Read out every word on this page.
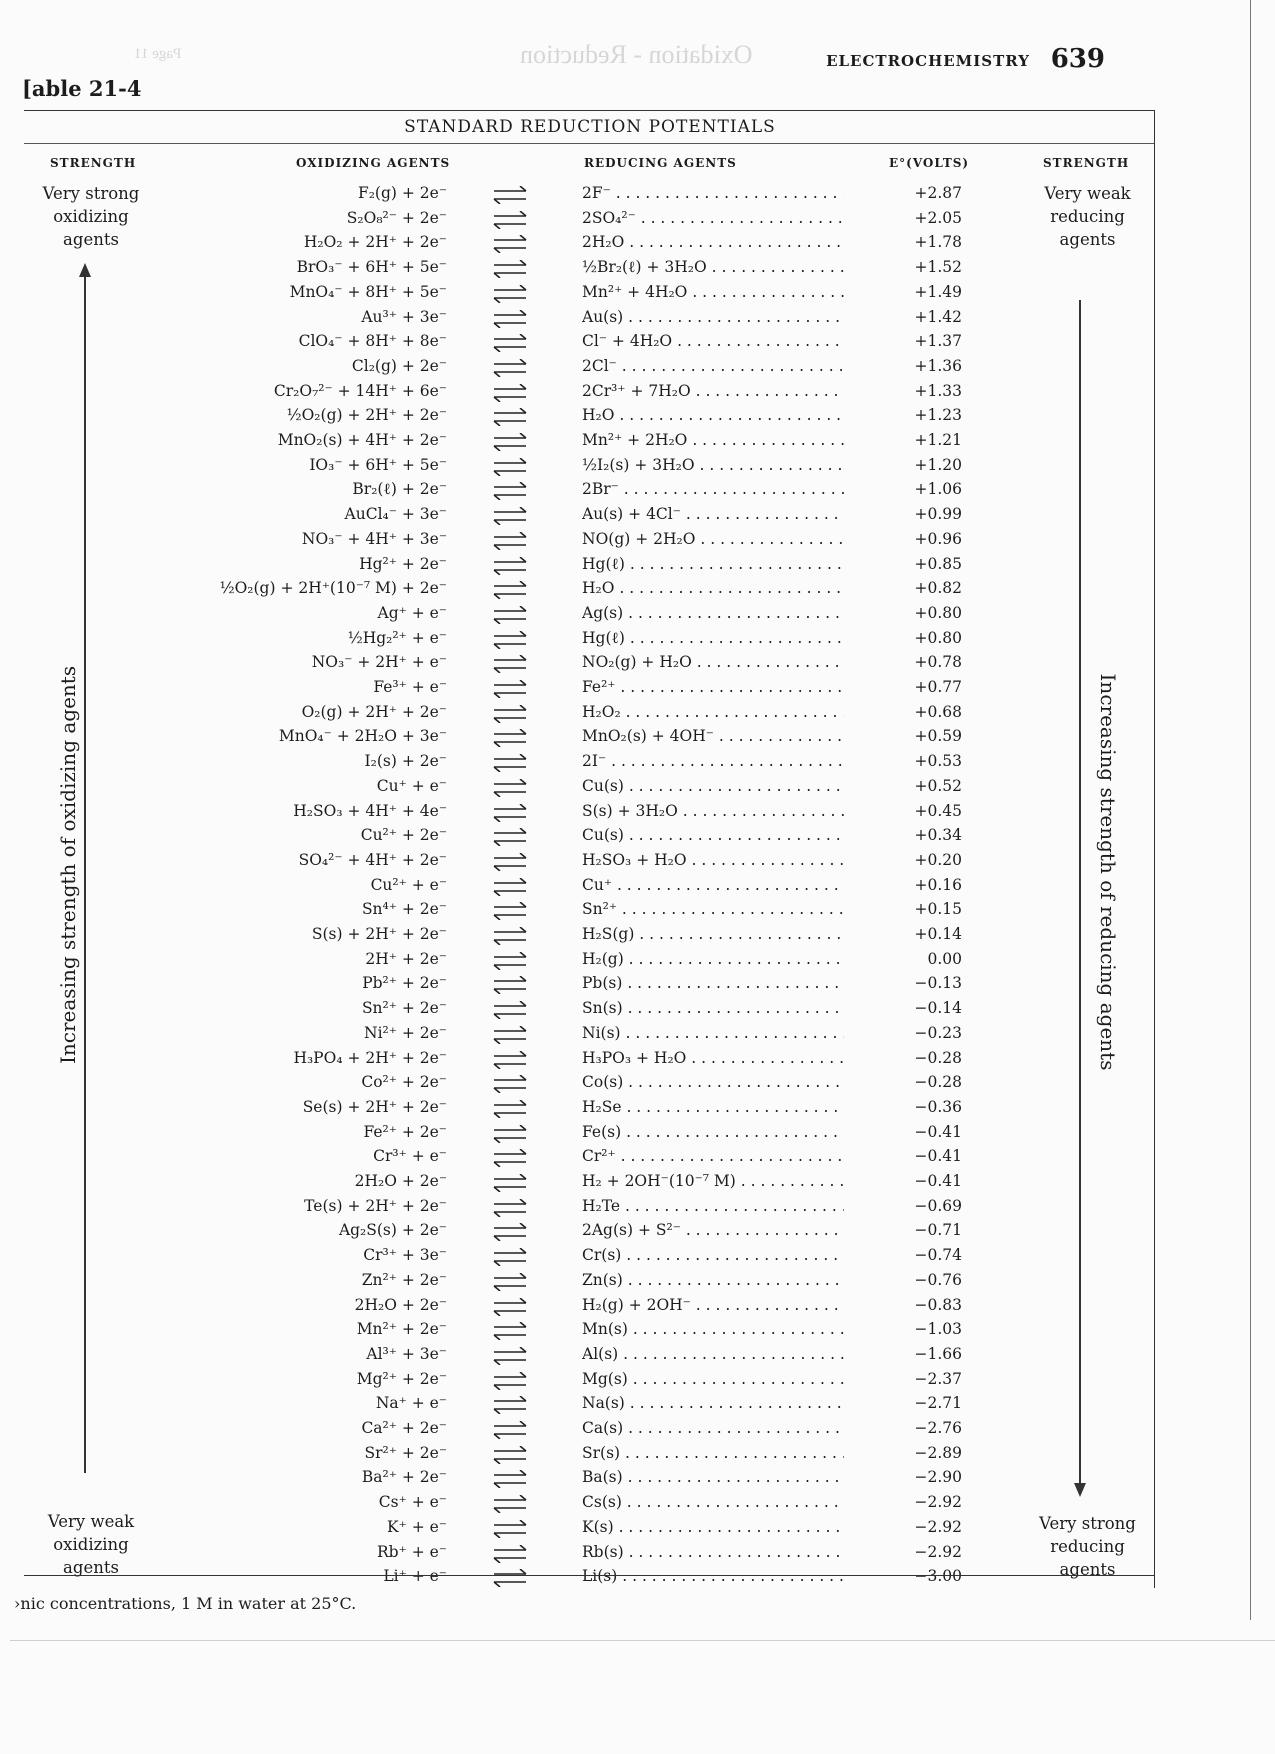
Oxidation - Reduction
Page 11	ELECTROCHEMISTRY 639
[able 21-4
STANDARD REDUCTION POTENTIALS
STRENGTH	OXIDIZING AGENTS	REDUCING AGENTS	E°(VOLTS)	STRENGTH
Very strong oxidizing agents
Very weak oxidizing agents
Very weak reducing agents
Very strong reducing agents
Increasing strength of oxidizing agents	Increasing strength of reducing agents
F₂(g) + 2e⁻	2F⁻ . . .	+2.87
S₂O₈²⁻ + 2e⁻	2SO₄²⁻ . . .	+2.05
H₂O₂ + 2H⁺ + 2e⁻	2H₂O . . .	+1.78
BrO₃⁻ + 6H⁺ + 5e⁻	½Br₂(ℓ) + 3H₂O . . .	+1.52
MnO₄⁻ + 8H⁺ + 5e⁻	Mn²⁺ + 4H₂O . . .	+1.49
Au³⁺ + 3e⁻	Au(s) . . .	+1.42
ClO₄⁻ + 8H⁺ + 8e⁻	Cl⁻ + 4H₂O . . .	+1.37
Cl₂(g) + 2e⁻	2Cl⁻ . . .	+1.36
Cr₂O₇²⁻ + 14H⁺ + 6e⁻	2Cr³⁺ + 7H₂O . . .	+1.33
½O₂(g) + 2H⁺ + 2e⁻	H₂O . . .	+1.23
MnO₂(s) + 4H⁺ + 2e⁻	Mn²⁺ + 2H₂O . . .	+1.21
IO₃⁻ + 6H⁺ + 5e⁻	½I₂(s) + 3H₂O . . .	+1.20
Br₂(ℓ) + 2e⁻	2Br⁻ . . .	+1.06
AuCl₄⁻ + 3e⁻	Au(s) + 4Cl⁻ . . .	+0.99
NO₃⁻ + 4H⁺ + 3e⁻	NO(g) + 2H₂O . . .	+0.96
Hg²⁺ + 2e⁻	Hg(ℓ) . . .	+0.85
½O₂(g) + 2H⁺(10⁻⁷ M) + 2e⁻	H₂O . . .	+0.82
Ag⁺ + e⁻	Ag(s) . . .	+0.80
½Hg₂²⁺ + e⁻	Hg(ℓ) . . .	+0.80
NO₃⁻ + 2H⁺ + e⁻	NO₂(g) + H₂O . . .	+0.78
Fe³⁺ + e⁻	Fe²⁺ . . .	+0.77
O₂(g) + 2H⁺ + 2e⁻	H₂O₂ . . .	+0.68
MnO₄⁻ + 2H₂O + 3e⁻	MnO₂(s) + 4OH⁻ . . .	+0.59
I₂(s) + 2e⁻	2I⁻ . . .	+0.53
Cu⁺ + e⁻	Cu(s) . . .	+0.52
H₂SO₃ + 4H⁺ + 4e⁻	S(s) + 3H₂O . . .	+0.45
Cu²⁺ + 2e⁻	Cu(s) . . .	+0.34
SO₄²⁻ + 4H⁺ + 2e⁻	H₂SO₃ + H₂O . . .	+0.20
Cu²⁺ + e⁻	Cu⁺ . . .	+0.16
Sn⁴⁺ + 2e⁻	Sn²⁺ . . .	+0.15
S(s) + 2H⁺ + 2e⁻	H₂S(g) . . .	+0.14
2H⁺ + 2e⁻	H₂(g) . . .	0.00
Pb²⁺ + 2e⁻	Pb(s) . . .	−0.13
Sn²⁺ + 2e⁻	Sn(s) . . .	−0.14
Ni²⁺ + 2e⁻	Ni(s) . . .	−0.23
H₃PO₄ + 2H⁺ + 2e⁻	H₃PO₃ + H₂O . . .	−0.28
Co²⁺ + 2e⁻	Co(s) . . .	−0.28
Se(s) + 2H⁺ + 2e⁻	H₂Se . . .	−0.36
Fe²⁺ + 2e⁻	Fe(s) . . .	−0.41
Cr³⁺ + e⁻	Cr²⁺ . . .	−0.41
2H₂O + 2e⁻	H₂ + 2OH⁻(10⁻⁷ M) . . .	−0.41
Te(s) + 2H⁺ + 2e⁻	H₂Te . . .	−0.69
Ag₂S(s) + 2e⁻	2Ag(s) + S²⁻ . . .	−0.71
Cr³⁺ + 3e⁻	Cr(s) . . .	−0.74
Zn²⁺ + 2e⁻	Zn(s) . . .	−0.76
2H₂O + 2e⁻	H₂(g) + 2OH⁻ . . .	−0.83
Mn²⁺ + 2e⁻	Mn(s) . . .	−1.03
Al³⁺ + 3e⁻	Al(s) . . .	−1.66
Mg²⁺ + 2e⁻	Mg(s) . . .	−2.37
Na⁺ + e⁻	Na(s) . . .	−2.71
Ca²⁺ + 2e⁻	Ca(s) . . .	−2.76
Sr²⁺ + 2e⁻	Sr(s) . . .	−2.89
Ba²⁺ + 2e⁻	Ba(s) . . .	−2.90
Cs⁺ + e⁻	Cs(s) . . .	−2.92
K⁺ + e⁻	K(s) . . .	−2.92
Rb⁺ + e⁻	Rb(s) . . .	−2.92
Li⁺ + e⁻	Li(s) . . .	−3.00
›nic concentrations, 1 M in water at 25°C.
